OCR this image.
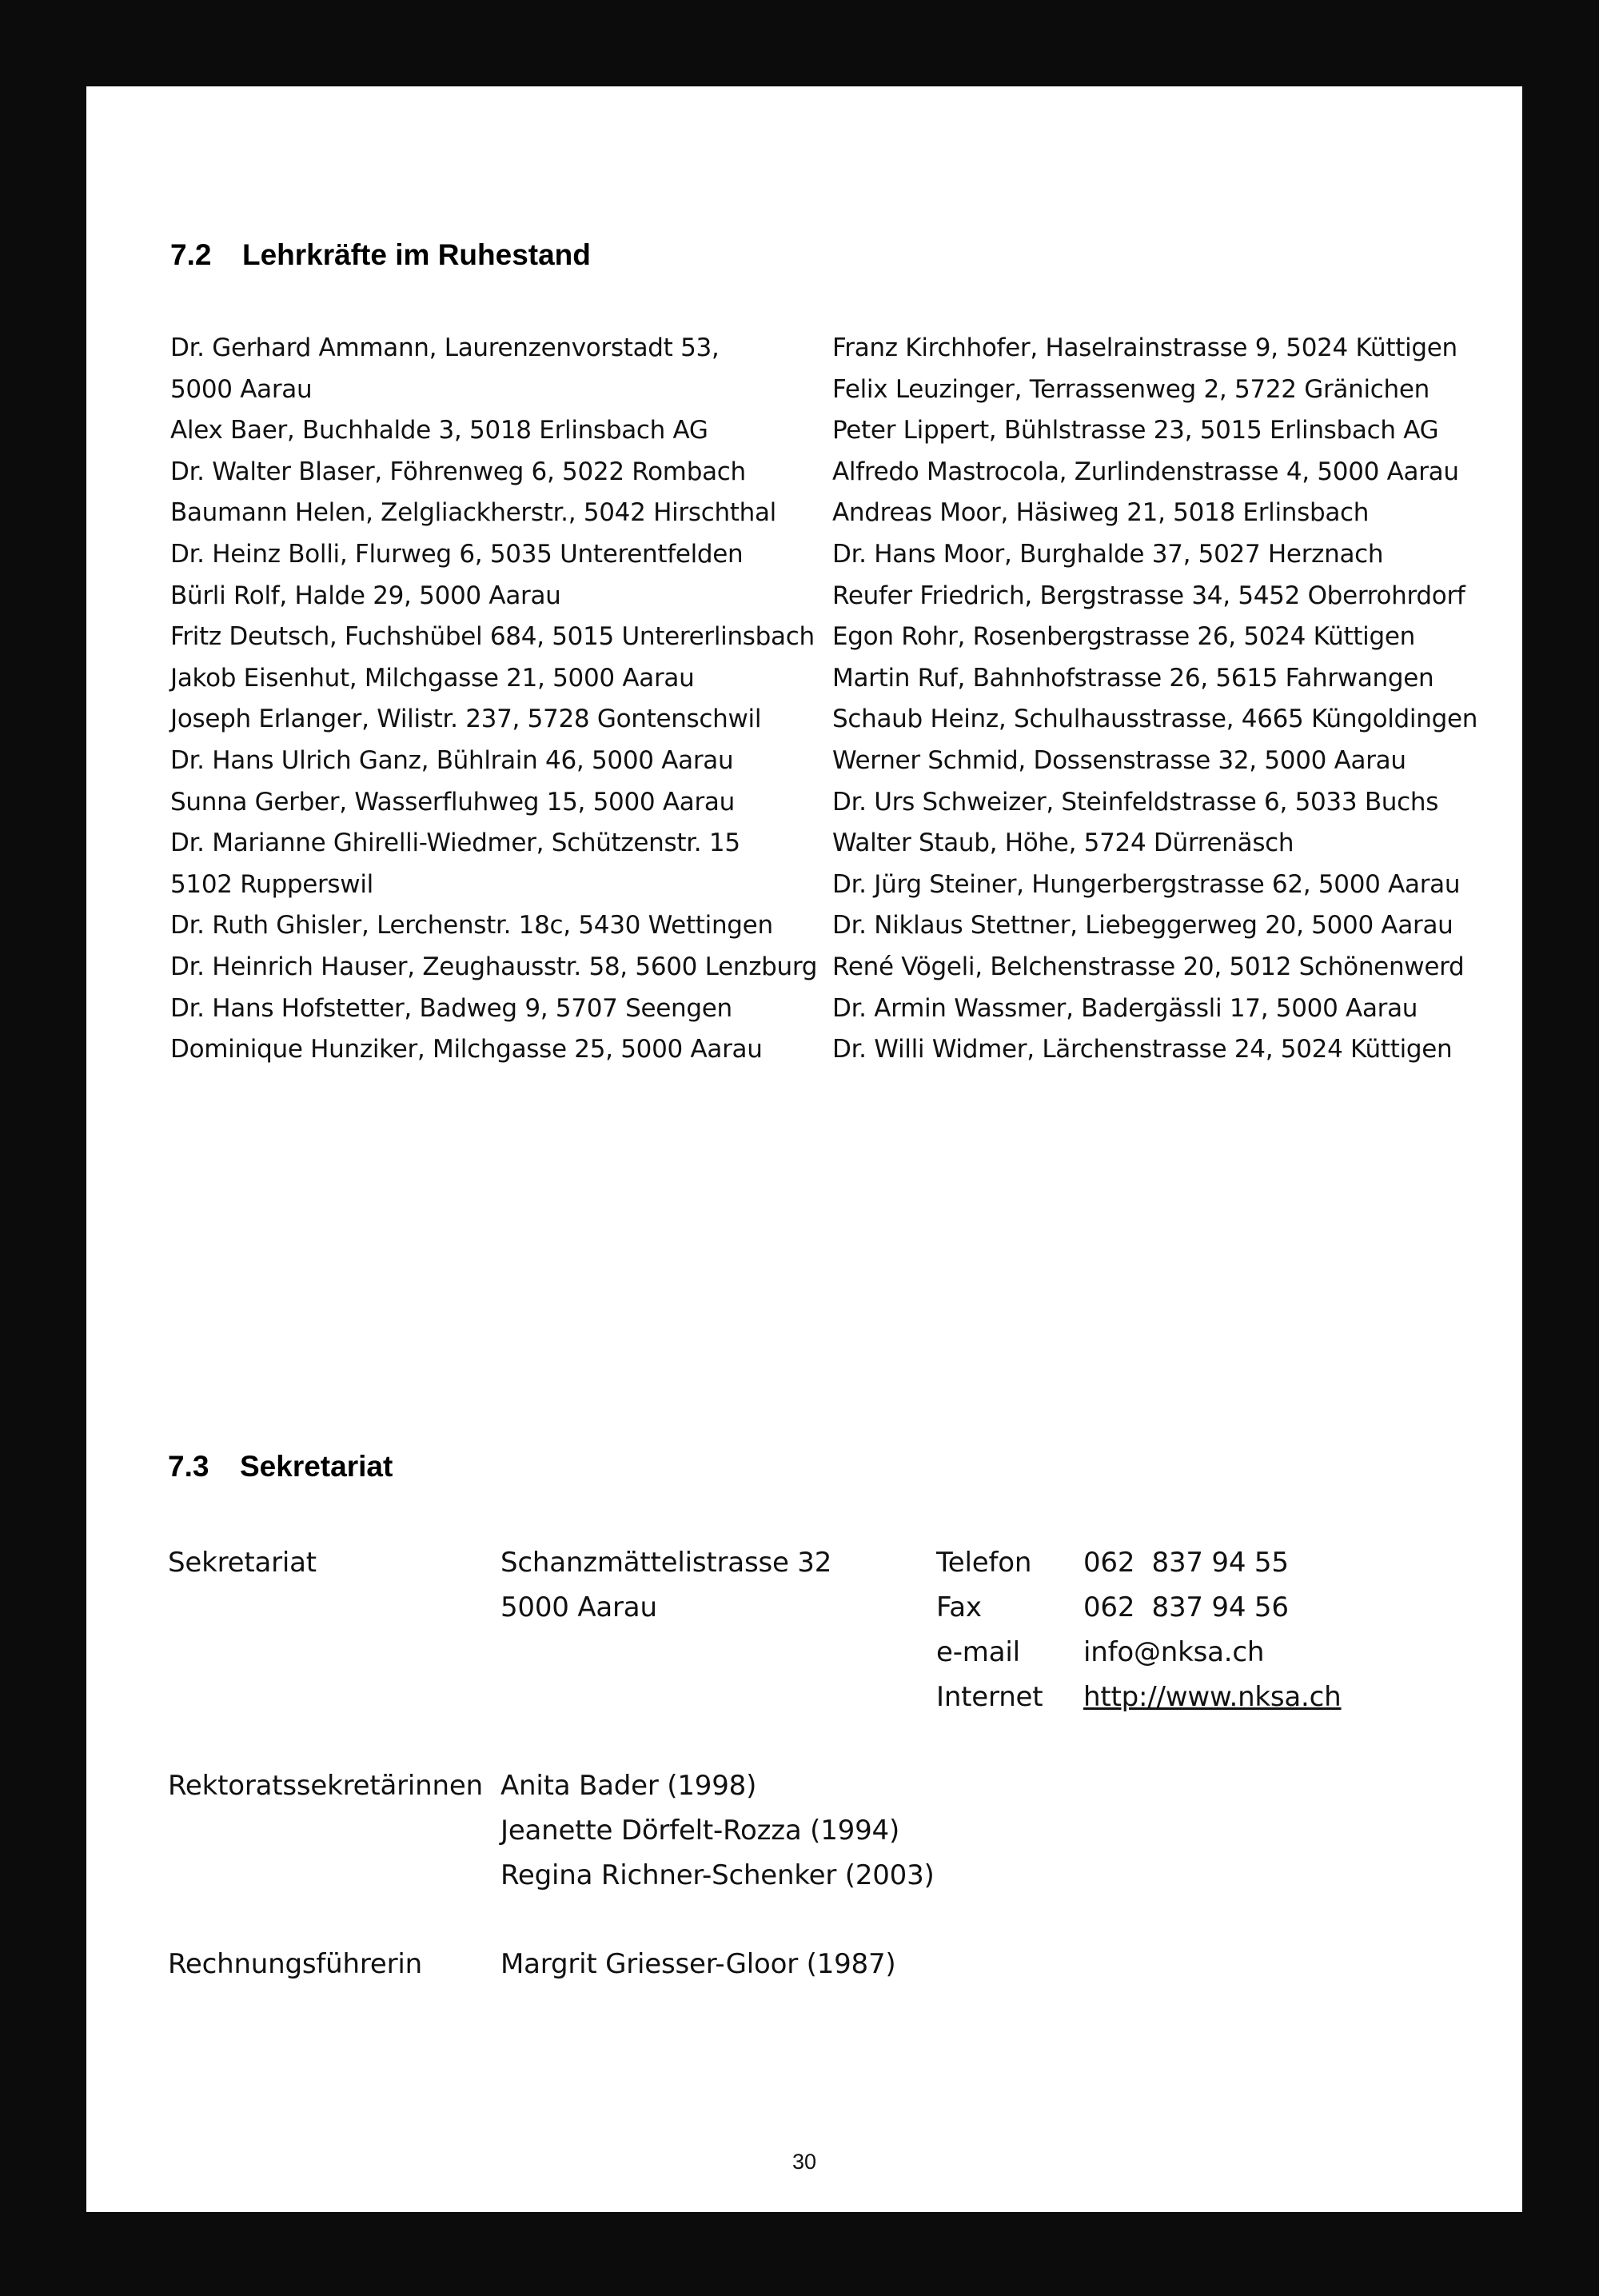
7.2 Lehrkräfte im Ruhestand
Dr. Gerhard Ammann, Laurenzenvorstadt 53,
5000 Aarau
Alex Baer, Buchhalde 3, 5018 Erlinsbach AG
Dr. Walter Blaser, Föhrenweg 6, 5022 Rombach
Baumann Helen, Zelgliackherstr., 5042 Hirschthal
Dr. Heinz Bolli, Flurweg 6, 5035 Unterentfelden
Bürli Rolf, Halde 29, 5000 Aarau
Fritz Deutsch, Fuchshübel 684, 5015 Untererlinsbach
Jakob Eisenhut, Milchgasse 21, 5000 Aarau
Joseph Erlanger, Wilistr. 237, 5728 Gontenschwil
Dr. Hans Ulrich Ganz, Bühlrain 46, 5000 Aarau
Sunna Gerber, Wasserfluhweg 15, 5000 Aarau
Dr. Marianne Ghirelli-Wiedmer, Schützenstr. 15
5102 Rupperswil
Dr. Ruth Ghisler, Lerchenstr. 18c, 5430 Wettingen
Dr. Heinrich Hauser, Zeughausstr. 58, 5600 Lenzburg
Dr. Hans Hofstetter, Badweg 9, 5707 Seengen
Dominique Hunziker, Milchgasse 25, 5000 Aarau
Franz Kirchhofer, Haselrainstrasse 9, 5024 Küttigen
Felix Leuzinger, Terrassenweg 2, 5722 Gränichen
Peter Lippert, Bühlstrasse 23, 5015 Erlinsbach AG
Alfredo Mastrocola, Zurlindenstrasse 4, 5000 Aarau
Andreas Moor, Häsiweg 21, 5018 Erlinsbach
Dr. Hans Moor, Burghalde 37, 5027 Herznach
Reufer Friedrich, Bergstrasse 34, 5452 Oberrohrdorf
Egon Rohr, Rosenbergstrasse 26, 5024 Küttigen
Martin Ruf, Bahnhofstrasse 26, 5615 Fahrwangen
Schaub Heinz, Schulhausstrasse, 4665 Küngoldingen
Werner Schmid, Dossenstrasse 32, 5000 Aarau
Dr. Urs Schweizer, Steinfeldstrasse 6, 5033 Buchs
Walter Staub, Höhe, 5724 Dürrenäsch
Dr. Jürg Steiner, Hungerbergstrasse 62, 5000 Aarau
Dr. Niklaus Stettner, Liebeggerweg 20, 5000 Aarau
René Vögeli, Belchenstrasse 20, 5012 Schönenwerd
Dr. Armin Wassmer, Badergässli 17, 5000 Aarau
Dr. Willi Widmer, Lärchenstrasse 24, 5024 Küttigen
7.3 Sekretariat
Sekretariat	Schanzmättelistrasse 32
5000 Aarau
Telefon
Fax
e-mail
Internet
062  837 94 55
062  837 94 56
info@nksa.ch
http://www.nksa.ch
Rektoratssekretärinnen Anita Bader (1998)
Jeanette Dörfelt-Rozza (1994)
Regina Richner-Schenker (2003)
Rechnungsführerin	Margrit Griesser-Gloor (1987)
30
